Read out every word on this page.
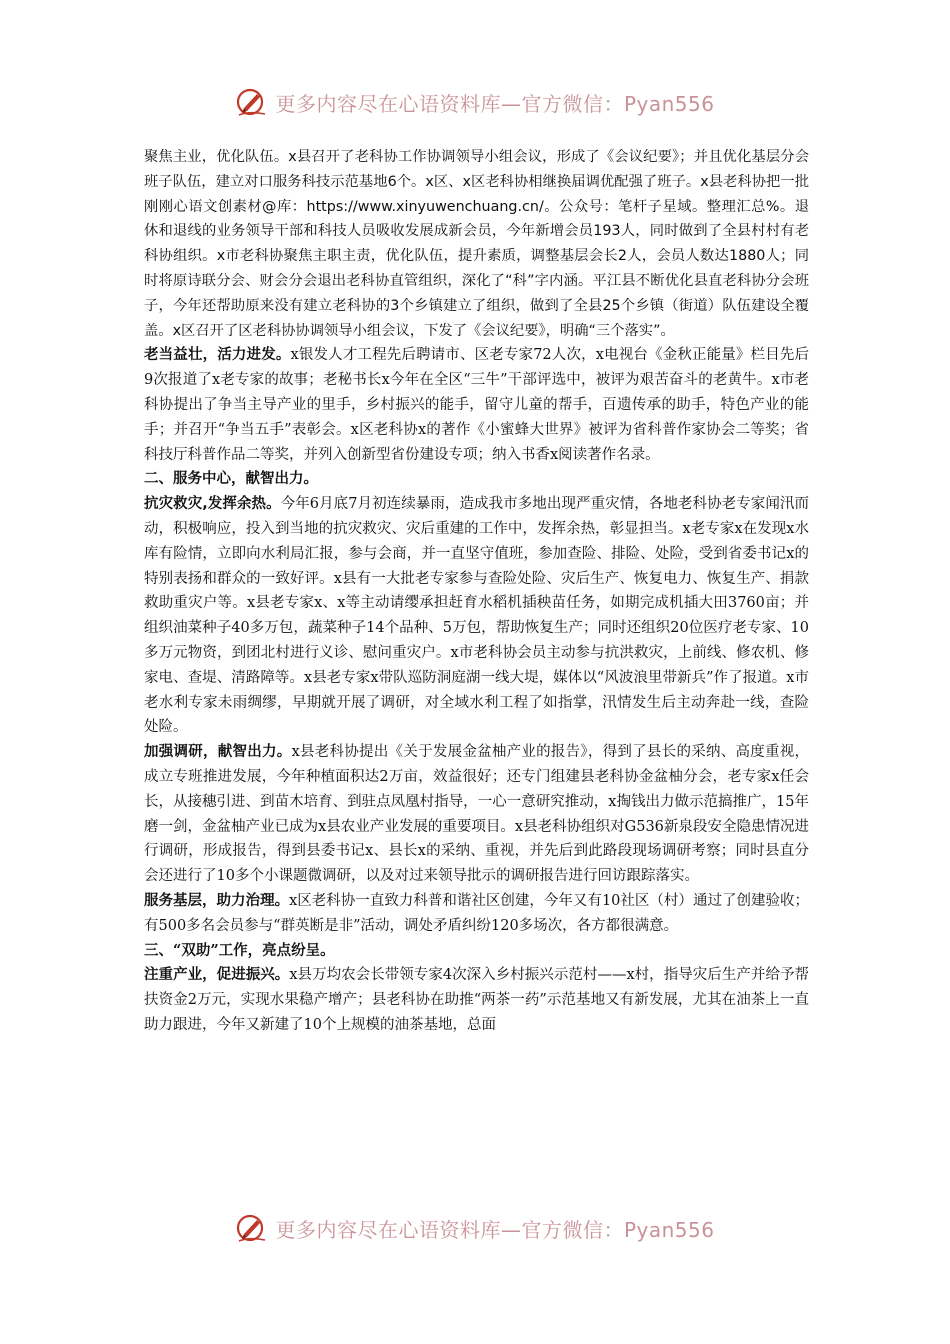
更多内容尽在心语资料库—官方微信：Pyan556

聚焦主业，优化队伍。x县召开了老科协工作协调领导小组会议，形成了《会议纪要》；并且优化基层分会班子队伍，建立对口服务科技示范基地6个。x区、x区老科协相继换届调优配强了班子。x县老科协把一批刚刚心语文创素材@库：https://www.xinyuwenchuang.cn/。公众号：笔杆子星域。整理汇总%。退休和退线的业务领导干部和科技人员吸收发展成新会员，今年新增会员193人，同时做到了全县村村有老科协组织。x市老科协聚焦主职主责，优化队伍，提升素质，调整基层会长2人，会员人数达1880人；同时将原诗联分会、财会分会退出老科协直管组织，深化了“科”字内涵。平江县不断优化县直老科协分会班子，今年还帮助原来没有建立老科协的3个乡镇建立了组织，做到了全县25个乡镇（街道）队伍建设全覆盖。x区召开了区老科协协调领导小组会议，下发了《会议纪要》，明确“三个落实”。

老当益壮，活力进发。x银发人才工程先后聘请市、区老专家72人次，x电视台《金秋正能量》栏目先后9次报道了x老专家的故事；老秘书长x今年在全区“三牛”干部评选中，被评为艰苦奋斗的老黄牛。x市老科协提出了争当主导产业的里手，乡村振兴的能手，留守儿童的帮手，百遗传承的助手，特色产业的能手；并召开“争当五手”表彰会。x区老科协x的著作《小蜜蜂大世界》被评为省科普作家协会二等奖；省科技厅科普作品二等奖，并列入创新型省份建设专项；纳入书香x阅读著作名录。

二、服务中心，献智出力。

抗灾救灾,发挥余热。今年6月底7月初连续暴雨，造成我市多地出现严重灾情，各地老科协老专家闻汛而动，积极响应，投入到当地的抗灾救灾、灾后重建的工作中，发挥余热，彰显担当。x老专家x在发现x水库有险情，立即向水利局汇报，参与会商，并一直坚守值班，参加查险、排险、处险，受到省委书记x的特别表扬和群众的一致好评。x县有一大批老专家参与查险处险、灾后生产、恢复电力、恢复生产、捐款救助重灾户等。x县老专家x、x等主动请缨承担赶育水稻机插秧苗任务，如期完成机插大田3760亩；并组织油菜种子40多万包，蔬菜种子14个品种、5万包，帮助恢复生产；同时还组织20位医疗老专家、10多万元物资，到团北村进行义诊、慰问重灾户。x市老科协会员主动参与抗洪救灾，上前线、修农机、修家电、查堤、清路障等。x县老专家x带队巡防洞庭湖一线大堤，媒体以“风波浪里带新兵”作了报道。x市老水利专家未雨绸缪，早期就开展了调研，对全域水利工程了如指掌，汛情发生后主动奔赴一线，查险处险。

加强调研，献智出力。x县老科协提出《关于发展金盆柚产业的报告》，得到了县长的采纳、高度重视，成立专班推进发展，今年种植面积达2万亩，效益很好；还专门组建县老科协金盆柚分会，老专家x任会长，从接穗引进、到苗木培育、到驻点凤凰村指导，一心一意研究推动，x掏钱出力做示范搞推广，15年磨一剑，金盆柚产业已成为x县农业产业发展的重要项目。x县老科协组织对G536新泉段安全隐患情况进行调研，形成报告，得到县委书记x、县长x的采纳、重视，并先后到此路段现场调研考察；同时县直分会还进行了10多个小课题微调研，以及对过来领导批示的调研报告进行回访跟踪落实。

服务基层，助力治理。x区老科协一直致力科普和谐社区创建，今年又有10社区（村）通过了创建验收；有500多名会员参与“群英断是非”活动，调处矛盾纠纷120多场次，各方都很满意。

三、“双助”工作，亮点纷呈。

注重产业，促进振兴。x县万均农会长带领专家4次深入乡村振兴示范村——x村，指导灾后生产并给予帮扶资金2万元，实现水果稳产增产；县老科协在助推“两茶一药”示范基地又有新发展，尤其在油茶上一直助力跟进，今年又新建了10个上规模的油茶基地，总面

更多内容尽在心语资料库—官方微信：Pyan556
